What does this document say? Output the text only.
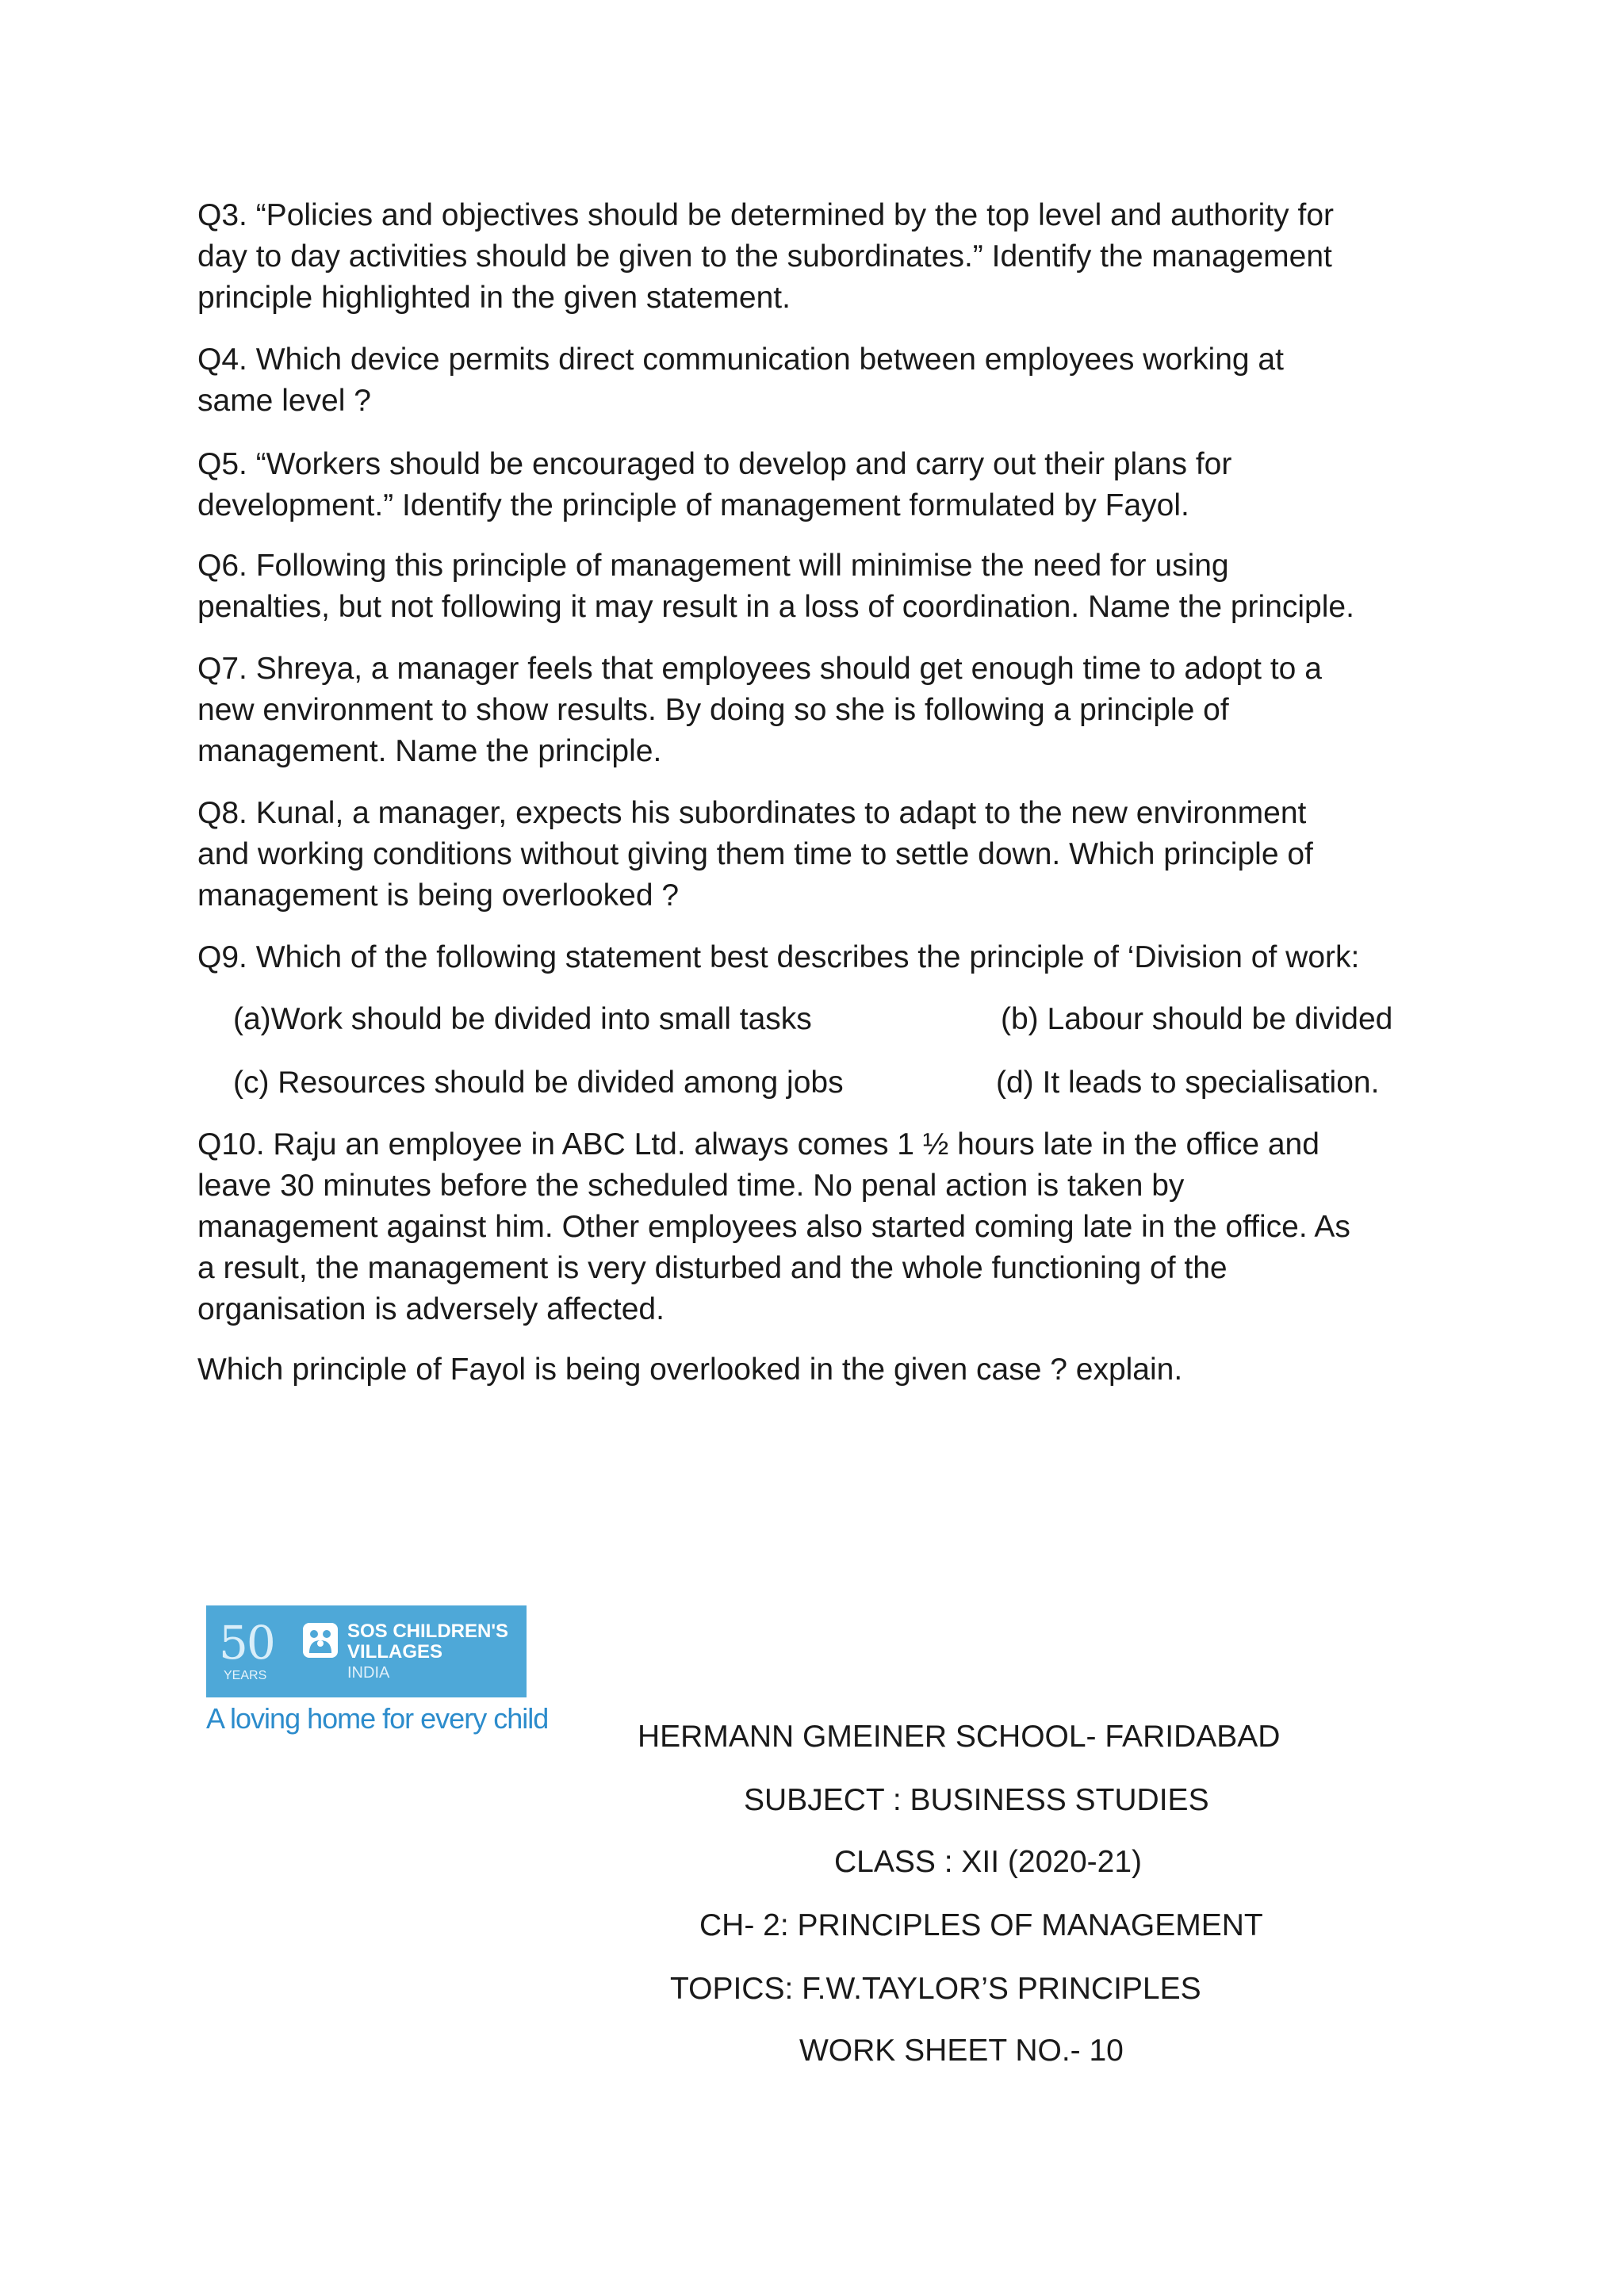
Q3. “Policies and objectives should be determined by the top level and authority for
day to day activities should be given to the subordinates.” Identify the management
principle highlighted in the given statement.
Q4. Which device permits direct communication between employees working at
same level ?
Q5. “Workers should be encouraged to develop and carry out their plans for
development.” Identify the principle of management formulated by Fayol.
Q6. Following this principle of management will minimise the need for using
penalties, but not following it may result in a loss of coordination. Name the principle.
Q7. Shreya, a manager feels that employees should get enough time to adopt to a
new environment to show results. By doing so she is following a principle of
management. Name the principle.
Q8. Kunal, a manager, expects his subordinates to adapt to the new environment
and working conditions without giving them time to settle down. Which principle of
management is being overlooked ?
Q9. Which of the following statement best describes the principle of ‘Division of work:

(a)Work should be divided into small tasks	(b) Labour should be divided

(c) Resources should be divided among jobs	(d) It leads to specialisation.

Q10. Raju an employee in ABC Ltd. always comes 1 ½ hours late in the office and
leave 30 minutes before the scheduled time. No penal action is taken by
management against him. Other employees also started coming late in the office. As
a result, the management is very disturbed and the whole functioning of the
organisation is adversely affected.
Which principle of Fayol is being overlooked in the given case ? explain.
50
YEARS
SOS CHILDREN'S
VILLAGES
INDIA
A loving home for every child

HERMANN GMEINER SCHOOL- FARIDABAD

SUBJECT : BUSINESS STUDIES

CLASS : XII (2020-21)

CH- 2: PRINCIPLES OF MANAGEMENT

TOPICS: F.W.TAYLOR’S PRINCIPLES

WORK SHEET NO.- 10
